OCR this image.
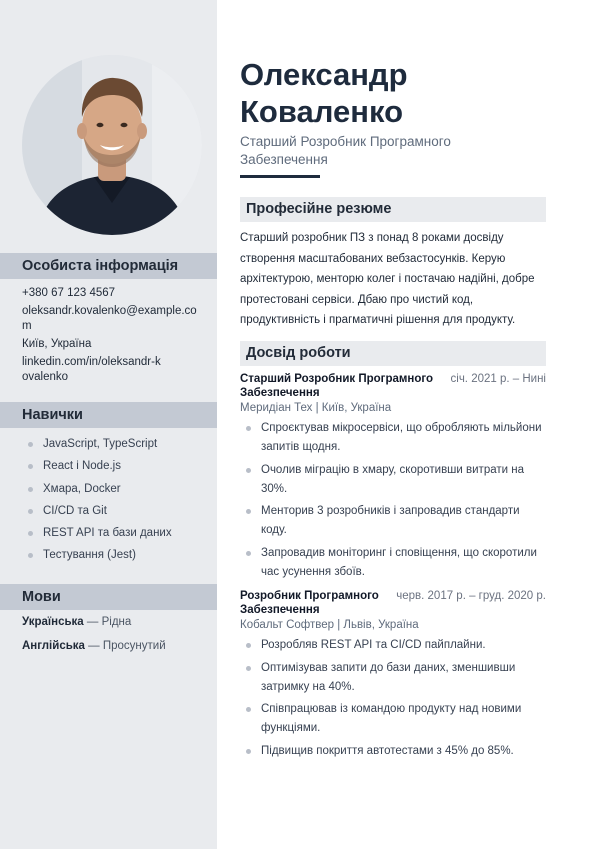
Особиста інформація
+380 67 123 4567
oleksandr.kovalenko@example.com
Київ, Україна
linkedin.com/in/oleksandr-kovalenko
Навички
JavaScript, TypeScript
React і Node.js
Хмара, Docker
CI/CD та Git
REST API та бази даних
Тестування (Jest)
Мови
Українська — Рідна
Англійська — Просунутий
Олександр
Коваленко
Старший Розробник Програмного Забезпечення
Професійне резюме
Старший розробник ПЗ з понад 8 роками досвіду створення масштабованих вебзастосунків. Керую архітектурою, менторю колег і постачаю надійні, добре протестовані сервіси. Дбаю про чистий код, продуктивність і прагматичні рішення для продукту.
Досвід роботи
Старший Розробник Програмного Забезпечення
січ. 2021 р. – Нині
Меридіан Тех | Київ, Україна
Спроєктував мікросервіси, що обробляють мільйони запитів щодня.
Очолив міграцію в хмару, скоротивши витрати на 30%.
Менторив 3 розробників і запровадив стандарти коду.
Запровадив моніторинг і сповіщення, що скоротили час усунення збоїв.
Розробник Програмного Забезпечення
черв. 2017 р. – груд. 2020 р.
Кобальт Софтвер | Львів, Україна
Розробляв REST API та CI/CD пайплайни.
Оптимізував запити до бази даних, зменшивши затримку на 40%.
Співпрацював із командою продукту над новими функціями.
Підвищив покриття автотестами з 45% до 85%.
